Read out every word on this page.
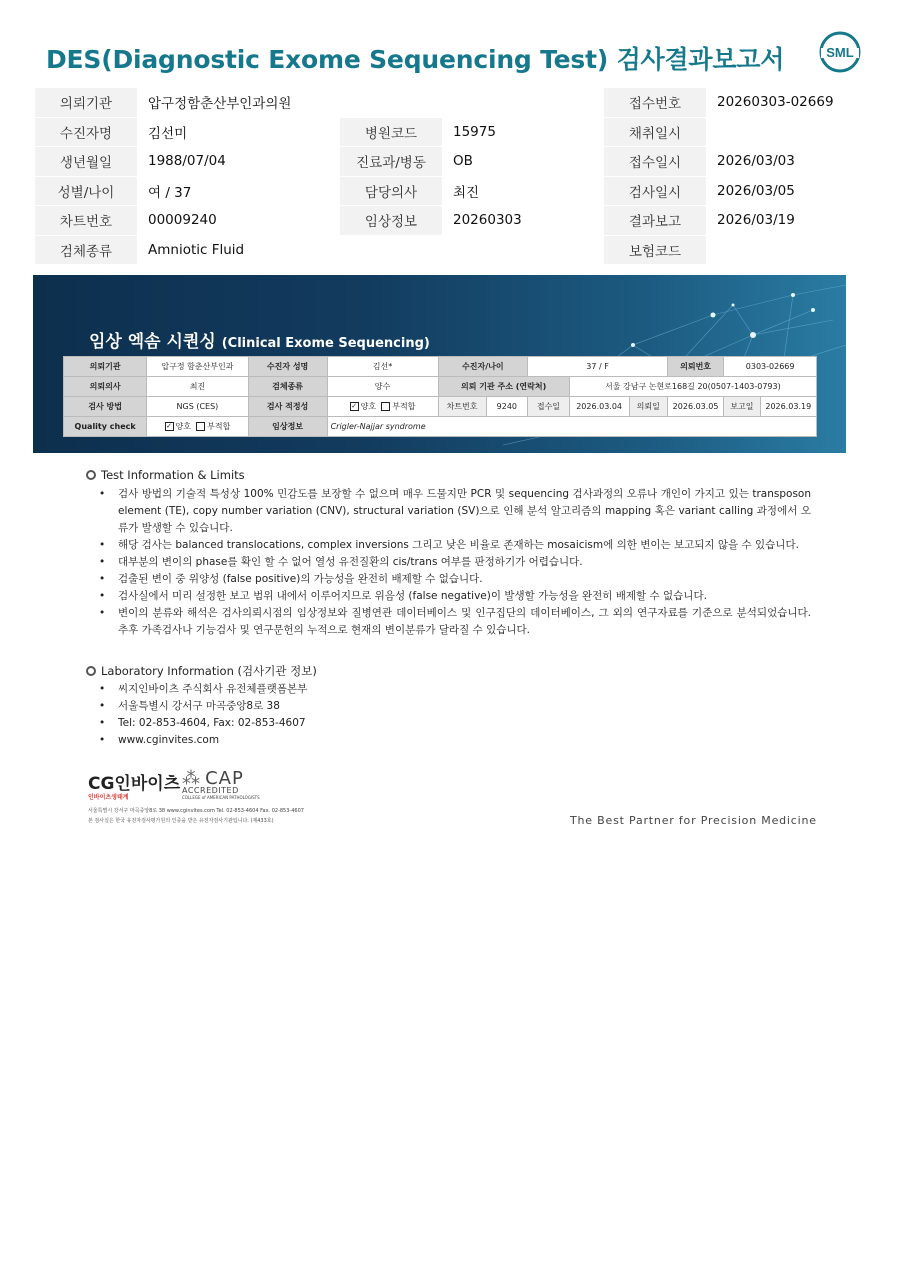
DES(Diagnostic Exome Sequencing Test) 검사결과보고서	SML
의뢰기관	압구정함춘산부인과의원			접수번호	20260303-02669
수진자명	김선미	병원코드	15975	채취일시	
생년월일	1988/07/04	진료과/병동	OB	접수일시	2026/03/03
성별/나이	여 / 37	담당의사	최진	검사일시	2026/03/05
차트번호	00009240	임상정보	20260303	결과보고	2026/03/19
검체종류	Amniotic Fluid			보험코드	
임상 엑솜 시퀀싱 (Clinical Exome Sequencing)
의뢰기관	압구정 함춘산부인과	수진자 성명	김선*	수진자/나이		37 / F			의뢰번호	0303-02669	
의뢰의사	최진	검체종류	양수	의뢰 기관 주소 (연락처)			서울 강남구 논현로168길 20(0507-1403-0793)				
검사 방법	NGS (CES)	검사 적정성	✓ 양호 부적합	차트번호	9240	접수일	2026.03.04	의뢰일	2026.03.05	보고일	2026.03.19
Quality check	✓ 양호 부적합	임상정보	Crigler-Najjar syndrome								
Test Information & Limits
• 검사 방법의 기술적 특성상 100% 민감도를 보장할 수 없으며 매우 드물지만 PCR 및 sequencing 검사과정의 오류나 개인이 가지고 있는 transposon element (TE), copy number variation (CNV), structural variation (SV)으로 인해 분석 알고리즘의 mapping 혹은 variant calling 과정에서 오류가 발생할 수 있습니다.
• 해당 검사는 balanced translocations, complex inversions 그리고 낮은 비율로 존재하는 mosaicism에 의한 변이는 보고되지 않을 수 있습니다.
• 대부분의 변이의 phase를 확인 할 수 없어 열성 유전질환의 cis/trans 여부를 판정하기가 어렵습니다.
• 검출된 변이 중 위양성 (false positive)의 가능성을 완전히 배제할 수 없습니다.
• 검사실에서 미리 설정한 보고 범위 내에서 이루어지므로 위음성 (false negative)이 발생할 가능성을 완전히 배제할 수 없습니다.
• 변이의 분류와 해석은 검사의뢰시점의 임상정보와 질병연관 데이터베이스 및 인구집단의 데이터베이스, 그 외의 연구자료를 기준으로 분석되었습니다. 추후 가족검사나 기능검사 및 연구문헌의 누적으로 현재의 변이분류가 달라질 수 있습니다.
Laboratory Information (검사기관 정보)
• 씨지인바이츠 주식회사 유전체플랫폼본부
• 서울특별시 강서구 마곡중앙8로 38
• Tel: 02-853-4604, Fax: 02-853-4607
• www.cginvites.com
CG인바이츠
인바이츠생태계
⁂ CAP
ACCREDITED
COLLEGE of AMERICAN PATHOLOGISTS
서울특별시 강서구 마곡중앙8로 38 www.cginvites.com Tel. 02-853-4604 Fax. 02-853-4607
본 검사실은 한국 유전자검사평가원의 인증을 받은 유전자검사기관입니다. (제433호)	The Best Partner for Precision Medicine
